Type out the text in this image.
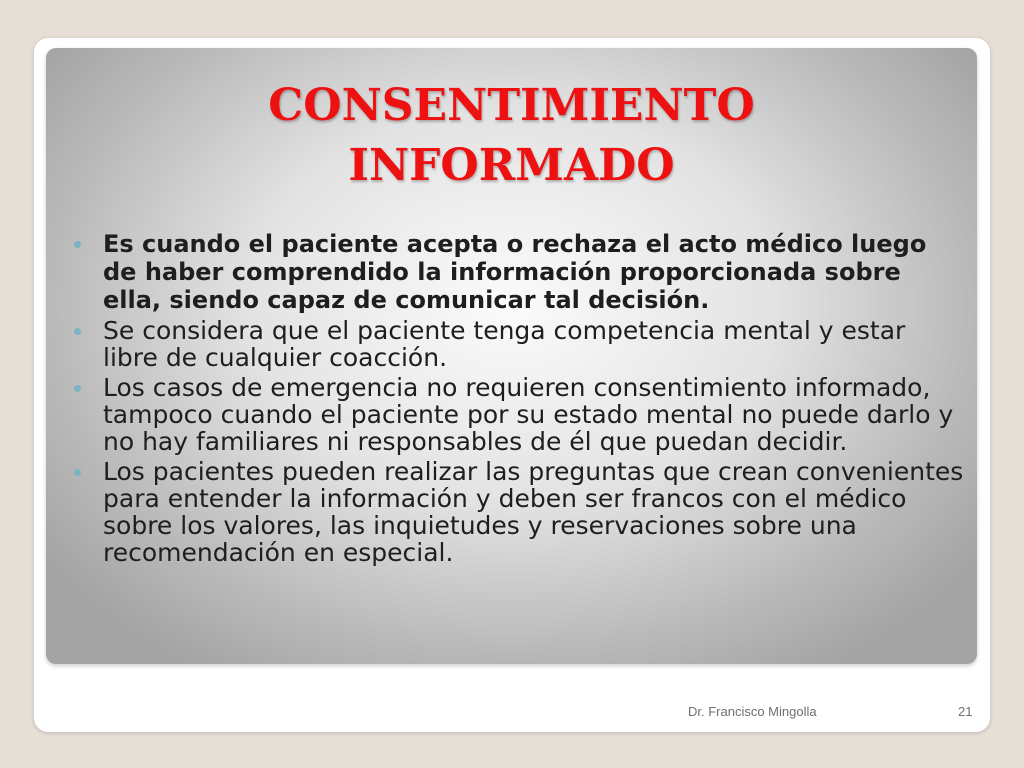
CONSENTIMIENTO
INFORMADO
Es cuando el paciente acepta o rechaza el acto médico luego de haber comprendido la información proporcionada sobre ella, siendo capaz de comunicar tal decisión.
Se considera que el paciente tenga competencia mental y estar libre de cualquier coacción.
Los casos de emergencia no requieren consentimiento informado, tampoco cuando el paciente por su estado mental no puede darlo y no hay familiares ni responsables de él que puedan decidir.
Los pacientes pueden realizar las preguntas que crean convenientes para entender la información y deben ser francos con el médico sobre los valores, las inquietudes y reservaciones sobre una recomendación en especial.
Dr. Francisco Mingolla	21
